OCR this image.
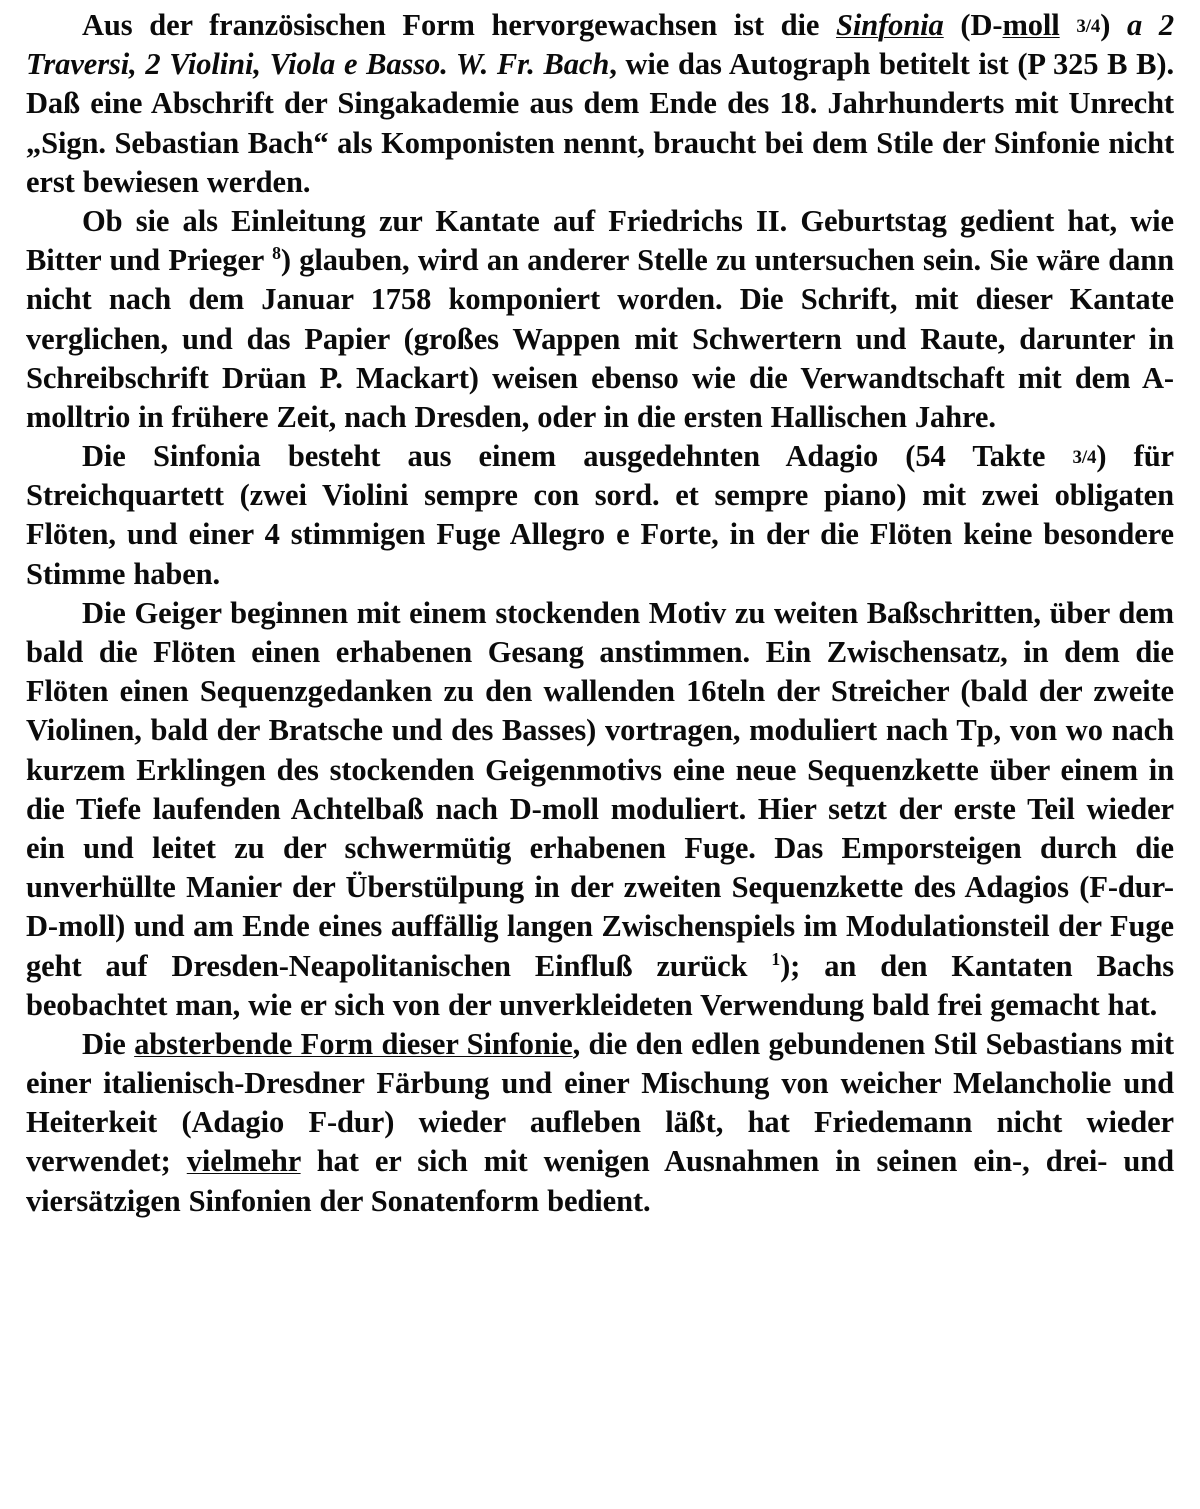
Aus der französischen Form hervorgewachsen ist die Sinfonia (D-moll 3/4) a 2 Traversi, 2 Violini, Viola e Basso. W. Fr. Bach, wie das Autograph betitelt ist (P 325 B B). Daß eine Abschrift der Singakademie aus dem Ende des 18. Jahrhunderts mit Unrecht „Sign. Sebastian Bach“ als Komponisten nennt, braucht bei dem Stile der Sinfonie nicht erst bewiesen werden.

Ob sie als Einleitung zur Kantate auf Friedrichs II. Geburtstag gedient hat, wie Bitter und Prieger $^8$) glauben, wird an anderer Stelle zu untersuchen sein. Sie wäre dann nicht nach dem Januar 1758 komponiert worden. Die Schrift, mit dieser Kantate verglichen, und das Papier (großes Wappen mit Schwertern und Raute, darunter in Schreibschrift Drüan P. Mackart) weisen ebenso wie die Verwandtschaft mit dem A-molltrio in frühere Zeit, nach Dresden, oder in die ersten Hallischen Jahre.

Die Sinfonia besteht aus einem ausgedehnten Adagio (54 Takte 3/4) für Streichquartett (zwei Violini sempre con sord. et sempre piano) mit zwei obligaten Flöten, und einer 4 stimmigen Fuge Allegro e Forte, in der die Flöten keine besondere Stimme haben.

Die Geiger beginnen mit einem stockenden Motiv zu weiten Baßschritten, über dem bald die Flöten einen erhabenen Gesang anstimmen. Ein Zwischensatz, in dem die Flöten einen Sequenzgedanken zu den wallenden 16teln der Streicher (bald der zweite Violinen, bald der Bratsche und des Basses) vortragen, moduliert nach Tp, von wo nach kurzem Erklingen des stockenden Geigenmotivs eine neue Sequenzkette über einem in die Tiefe laufenden Achtelbaß nach D-moll moduliert. Hier setzt der erste Teil wieder ein und leitet zu der schwermütig erhabenen Fuge. Das Emporsteigen durch die unverhüllte Manier der Überstülpung in der zweiten Sequenzkette des Adagios (F-dur-D-moll) und am Ende eines auffällig langen Zwischenspiels im Modulationsteil der Fuge geht auf Dresden-Neapolitanischen Einfluß zurück $^1$); an den Kantaten Bachs beobachtet man, wie er sich von der unverkleideten Verwendung bald frei gemacht hat.

Die absterbende Form dieser Sinfonie, die den edlen gebundenen Stil Sebastians mit einer italienisch-Dresdner Färbung und einer Mischung von weicher Melancholie und Heiterkeit (Adagio F-dur) wieder aufleben läßt, hat Friedemann nicht wieder verwendet; vielmehr hat er sich mit wenigen Ausnahmen in seinen ein-, drei- und viersätzigen Sinfonien der Sonatenform bedient.
